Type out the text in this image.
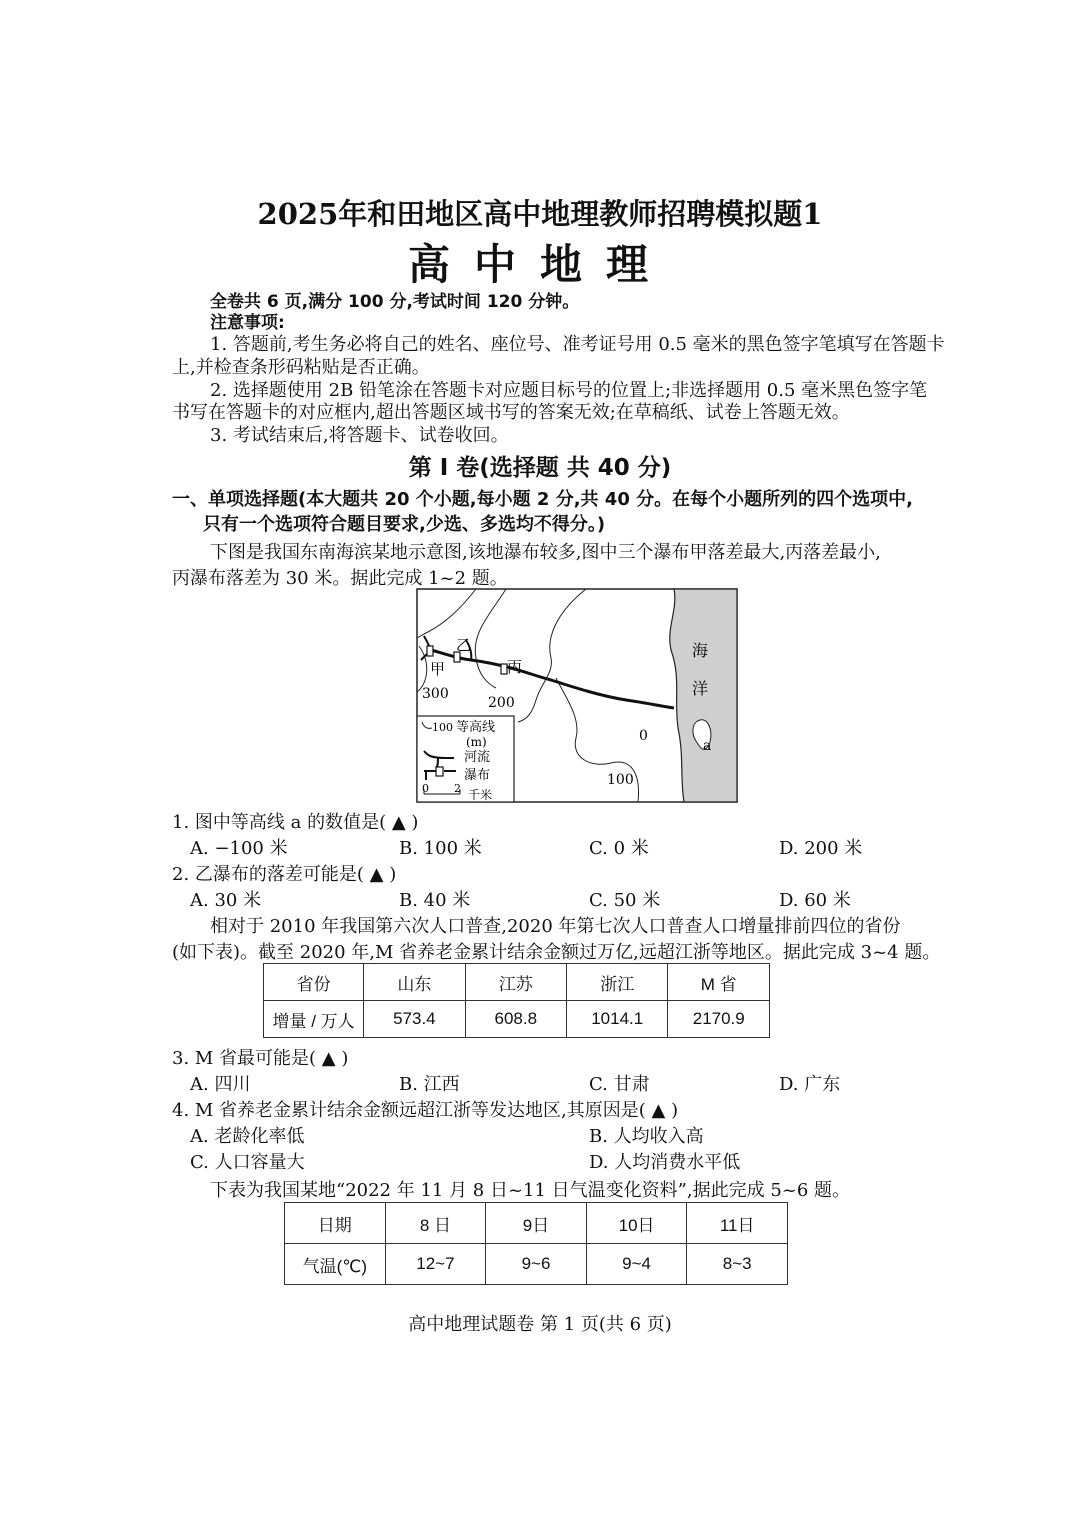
2025年和田地区高中地理教师招聘模拟题1
高中地理
全卷共 6 页,满分 100 分,考试时间 120 分钟。
注意事项:
1. 答题前,考生务必将自己的姓名、座位号、准考证号用 0.5 毫米的黑色签字笔填写在答题卡
上,并检查条形码粘贴是否正确。
2. 选择题使用 2B 铅笔涂在答题卡对应题目标号的位置上;非选择题用 0.5 毫米黑色签字笔
书写在答题卡的对应框内,超出答题区域书写的答案无效;在草稿纸、试卷上答题无效。
3. 考试结束后,将答题卡、试卷收回。
第 I 卷(选择题 共 40 分)
一、单项选择题(本大题共 20 个小题,每小题 2 分,共 40 分。在每个小题所列的四个选项中,
只有一个选项符合题目要求,少选、多选均不得分。)
下图是我国东南海滨某地示意图,该地瀑布较多,图中三个瀑布甲落差最大,丙落差最小,
丙瀑布落差为 30 米。据此完成 1~2 题。
甲
乙
丙
海
洋
a
300
200
0
100
100 等高线
(m)
河流
瀑布
0 2 千米
1. 图中等高线 a 的数值是( ▲ )
A. −100 米	B. 100 米	C. 0 米	D. 200 米
2. 乙瀑布的落差可能是( ▲ )
A. 30 米	B. 40 米	C. 50 米	D. 60 米
相对于 2010 年我国第六次人口普查,2020 年第七次人口普查人口增量排前四位的省份
(如下表)。截至 2020 年,M 省养老金累计结余金额过万亿,远超江浙等地区。据此完成 3~4 题。
省份	山东	江苏	浙江	M 省
增量 / 万人	573.4	608.8	1014.1	2170.9
3. M 省最可能是( ▲ )
A. 四川	B. 江西	C. 甘肃	D. 广东
4. M 省养老金累计结余金额远超江浙等发达地区,其原因是( ▲ )
A. 老龄化率低	B. 人均收入高
C. 人口容量大	D. 人均消费水平低
下表为我国某地“2022 年 11 月 8 日~11 日气温变化资料”,据此完成 5~6 题。
日期	8 日	9日	10日	11日
气温(℃)	12~7	9~6	9~4	8~3
高中地理试题卷 第 1 页(共 6 页)
